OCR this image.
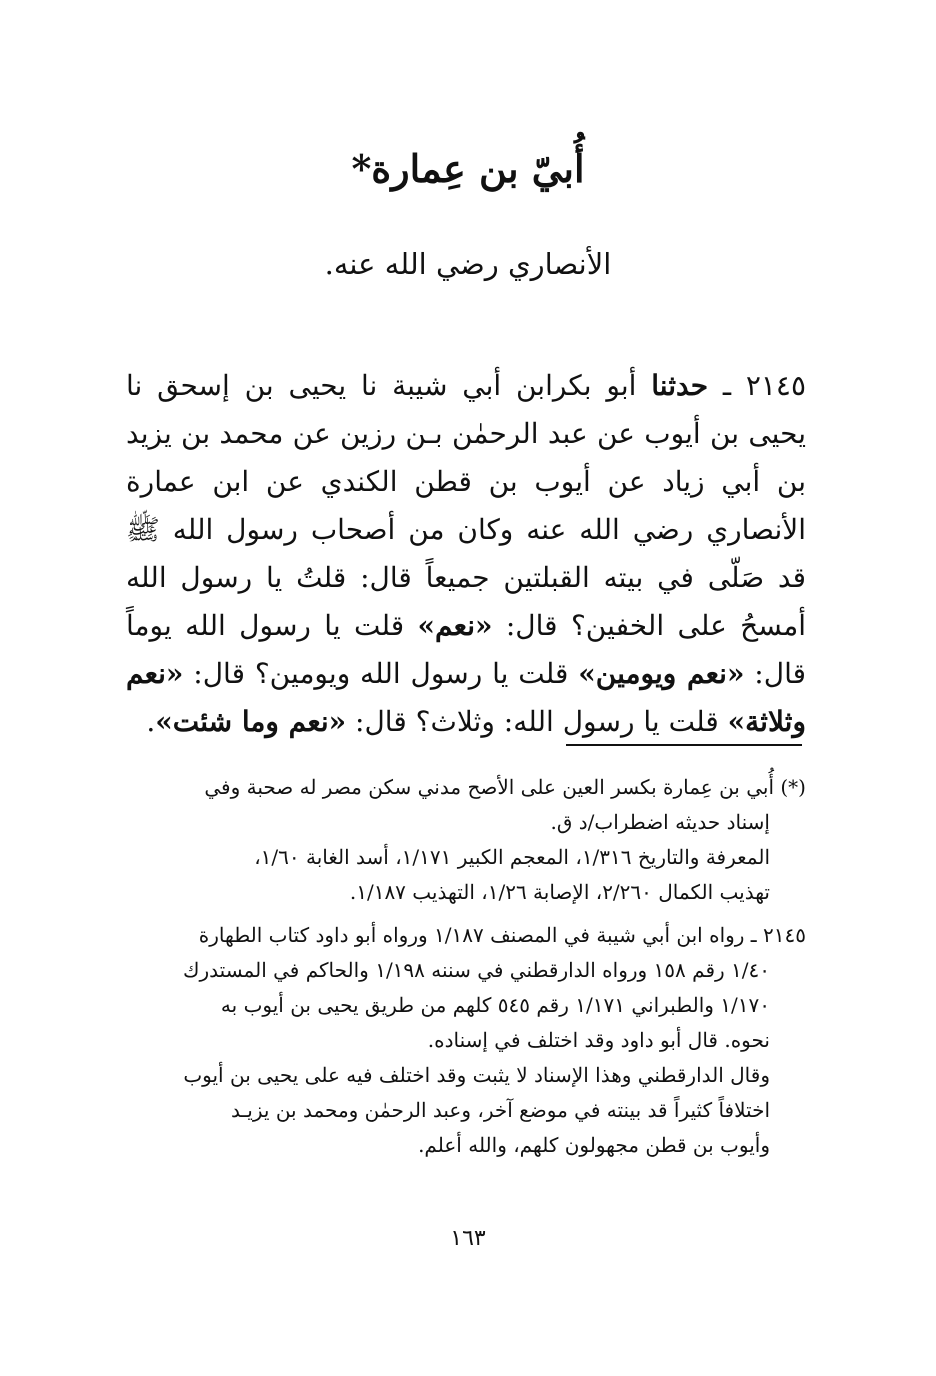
أُبيّ بن عِمارة*
الأنصاري رضي الله عنه.
٢١٤٥ ـ حدثنا أبو بكرابن أبي شيبة نا يحيى بن إسحق نا يحيى بن أيوب عن عبد الرحمٰن بـن رزين عن محمد بن يزيد بن أبي زياد عن أيوب بن قطن الكندي عن ابن عمارة الأنصاري رضي الله عنه وكان من أصحاب رسول الله ﷺ قد صَلّى في بيته القبلتين جميعاً قال: قلتُ يا رسول الله أمسحُ على الخفين؟ قال: «نعم» قلت يا رسول الله يوماً قال: «نعم ويومين» قلت يا رسول الله ويومين؟ قال: «نعم وثلاثة» قلت يا رسول الله: وثلاث؟ قال: «نعم وما شئت».
(*) أُبي بن عِمارة بكسر العين على الأصح مدني سكن مصر له صحبة وفي
إسناد حديثه اضطراب/د ق.
المعرفة والتاريخ ١/٣١٦، المعجم الكبير ١/١٧١، أسد الغابة ١/٦٠،
تهذيب الكمال ٢/٢٦٠، الإصابة ١/٢٦، التهذيب ١/١٨٧.
٢١٤٥ ـ رواه ابن أبي شيبة في المصنف ١/١٨٧ ورواه أبو داود كتاب الطهارة
١/٤٠ رقم ١٥٨ ورواه الدارقطني في سننه ١/١٩٨ والحاكم في المستدرك
١/١٧٠ والطبراني ١/١٧١ رقم ٥٤٥ كلهم من طريق يحيى بن أيوب به
نحوه. قال أبو داود وقد اختلف في إسناده.
وقال الدارقطني وهذا الإسناد لا يثبت وقد اختلف فيه على يحيى بن أيوب
اختلافاً كثيراً قد بينته في موضع آخر، وعبد الرحمٰن ومحمد بن يزيـد
وأيوب بن قطن مجهولون كلهم، والله أعلم.
١٦٣
